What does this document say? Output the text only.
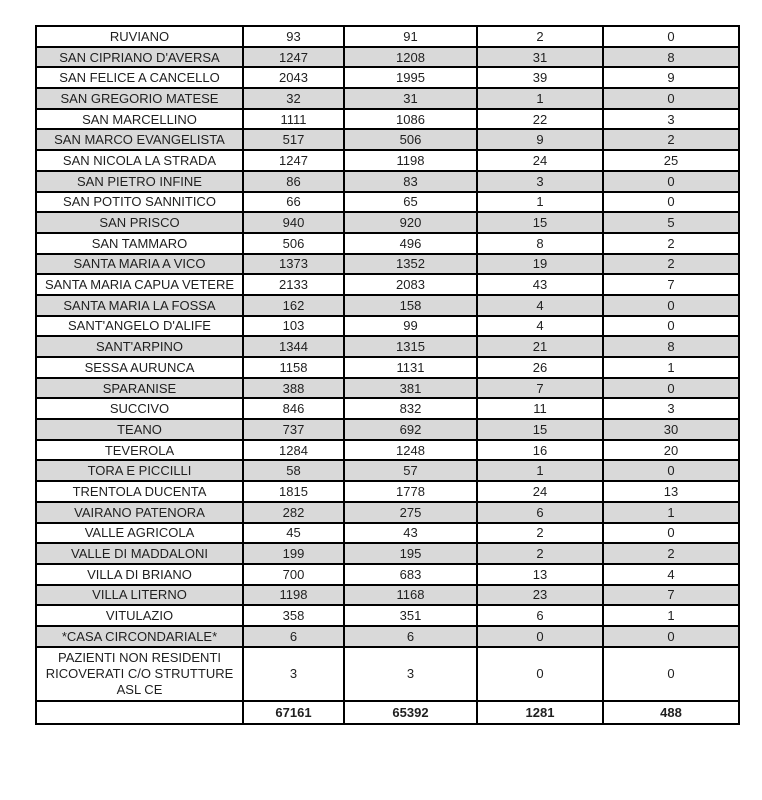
RUVIANO	93	91	2	0
SAN CIPRIANO D'AVERSA	1247	1208	31	8
SAN FELICE A CANCELLO	2043	1995	39	9
SAN GREGORIO MATESE	32	31	1	0
SAN MARCELLINO	1111	1086	22	3
SAN MARCO EVANGELISTA	517	506	9	2
SAN NICOLA LA STRADA	1247	1198	24	25
SAN PIETRO INFINE	86	83	3	0
SAN POTITO SANNITICO	66	65	1	0
SAN PRISCO	940	920	15	5
SAN TAMMARO	506	496	8	2
SANTA MARIA A VICO	1373	1352	19	2
SANTA MARIA CAPUA VETERE	2133	2083	43	7
SANTA MARIA LA FOSSA	162	158	4	0
SANT'ANGELO D'ALIFE	103	99	4	0
SANT'ARPINO	1344	1315	21	8
SESSA AURUNCA	1158	1131	26	1
SPARANISE	388	381	7	0
SUCCIVO	846	832	11	3
TEANO	737	692	15	30
TEVEROLA	1284	1248	16	20
TORA E PICCILLI	58	57	1	0
TRENTOLA DUCENTA	1815	1778	24	13
VAIRANO PATENORA	282	275	6	1
VALLE AGRICOLA	45	43	2	0
VALLE DI MADDALONI	199	195	2	2
VILLA DI BRIANO	700	683	13	4
VILLA LITERNO	1198	1168	23	7
VITULAZIO	358	351	6	1
*CASA CIRCONDARIALE*	6	6	0	0
PAZIENTI NON RESIDENTI RICOVERATI C/O STRUTTURE ASL CE	3	3	0	0
	67161	65392	1281	488
